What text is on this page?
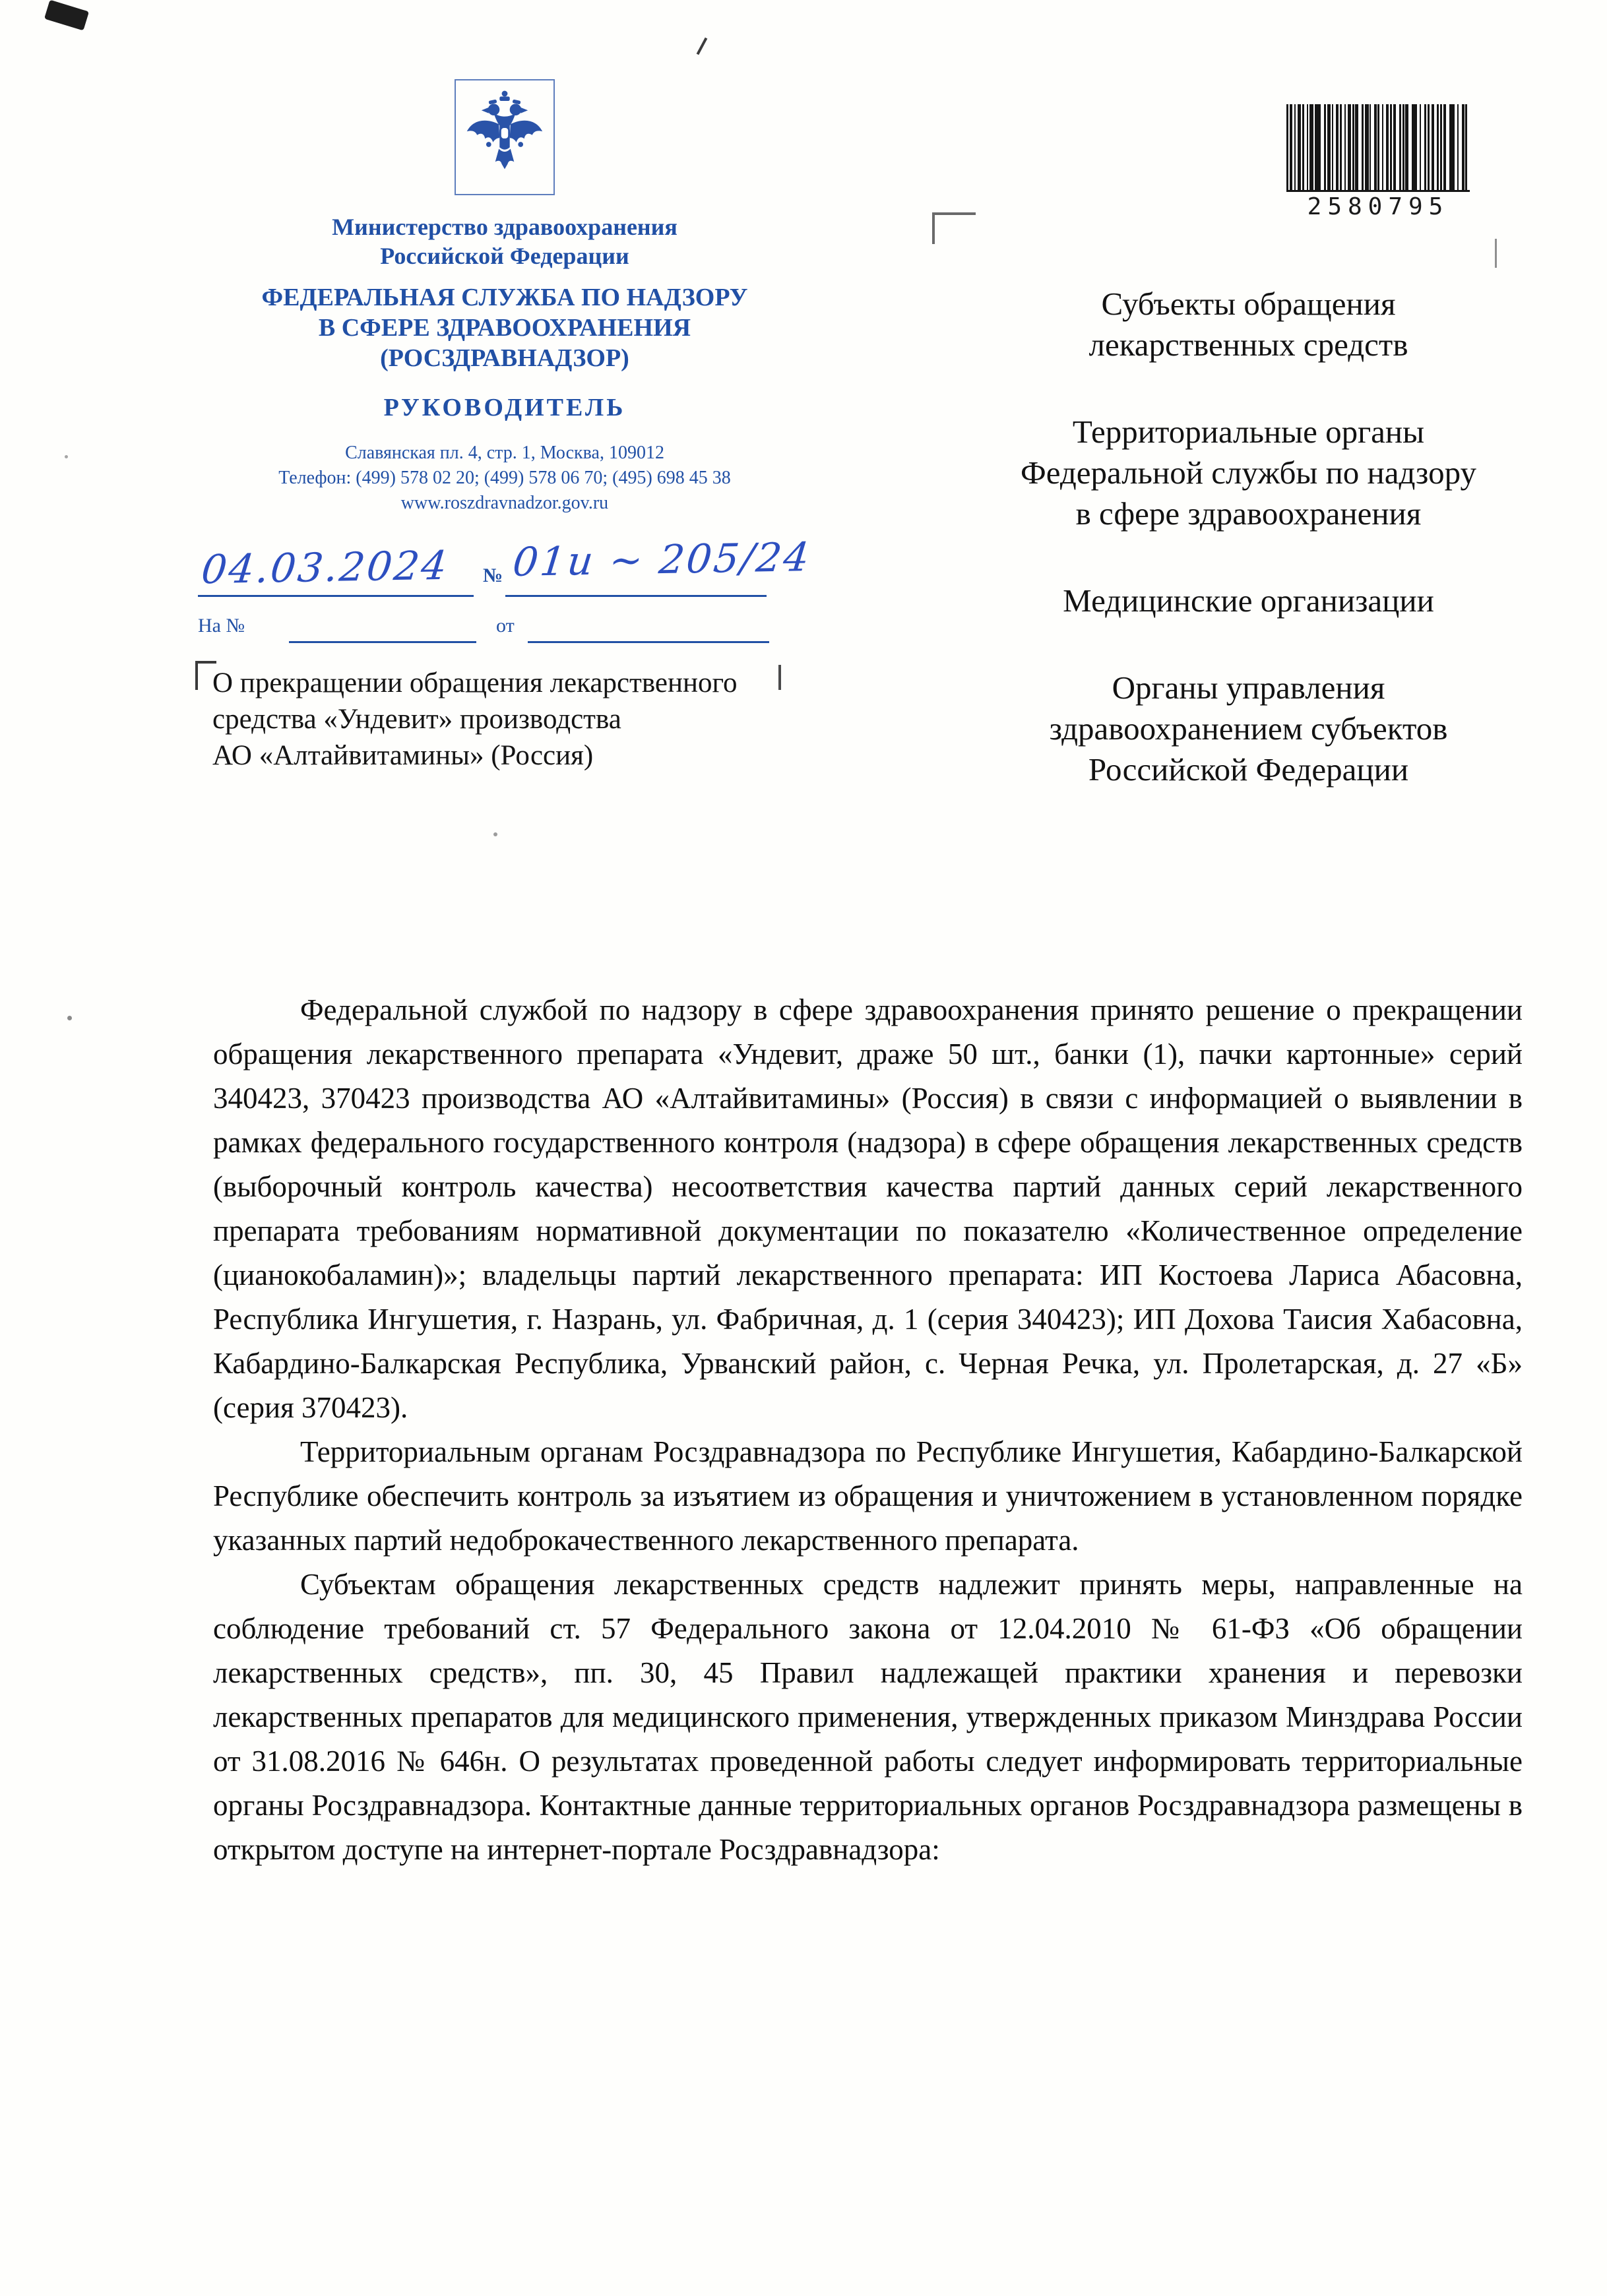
Министерство здравоохранения
Российской Федерации
ФЕДЕРАЛЬНАЯ СЛУЖБА ПО НАДЗОРУ
В СФЕРЕ ЗДРАВООХРАНЕНИЯ
(РОСЗДРАВНАДЗОР)
РУКОВОДИТЕЛЬ
Славянская пл. 4, стр. 1, Москва, 109012
Телефон: (499) 578 02 20; (499) 578 06 70; (495) 698 45 38
www.roszdravnadzor.gov.ru
04.03.2024 № 01и ~ 205/24
На №	от
О прекращении обращения лекарственного
средства «Ундевит» производства
АО «Алтайвитамины» (Россия)
2580795
Субъекты обращения
лекарственных средств
Территориальные органы
Федеральной службы по надзору
в сфере здравоохранения
Медицинские организации
Органы управления
здравоохранением субъектов
Российской Федерации

Федеральной службой по надзору в сфере здравоохранения принято решение о прекращении обращения лекарственного препарата «Ундевит, драже 50 шт., банки (1), пачки картонные» серий 340423, 370423 производства АО «Алтайвитамины» (Россия) в связи с информацией о выявлении в рамках федерального государственного контроля (надзора) в сфере обращения лекарственных средств (выборочный контроль качества) несоответствия качества партий данных серий лекарственного препарата требованиям нормативной документации по показателю «Количественное определение (цианокобаламин)»; владельцы партий лекарственного препарата: ИП Костоева Лариса Абасовна, Республика Ингушетия, г. Назрань, ул. Фабричная, д. 1 (серия 340423); ИП Дохова Таисия Хабасовна, Кабардино-Балкарская Республика, Урванский район, с. Черная Речка, ул. Пролетарская, д. 27 «Б» (серия 370423).

Территориальным органам Росздравнадзора по Республике Ингушетия, Кабардино-Балкарской Республике обеспечить контроль за изъятием из обращения и уничтожением в установленном порядке указанных партий недоброкачественного лекарственного препарата.

Субъектам обращения лекарственных средств надлежит принять меры, направленные на соблюдение требований ст. 57 Федерального закона от 12.04.2010 № 61-ФЗ «Об обращении лекарственных средств», пп. 30, 45 Правил надлежащей практики хранения и перевозки лекарственных препаратов для медицинского применения, утвержденных приказом Минздрава России от 31.08.2016 № 646н. О результатах проведенной работы следует информировать территориальные органы Росздравнадзора. Контактные данные территориальных органов Росздравнадзора размещены в открытом доступе на интернет-портале Росздравнадзора:
